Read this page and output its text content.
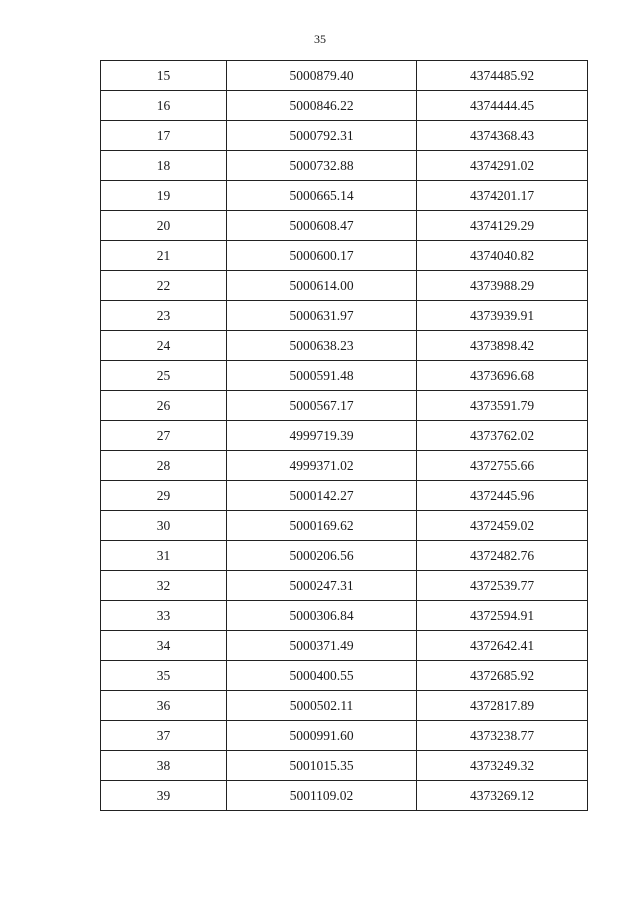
35
15	5000879.40	4374485.92
16	5000846.22	4374444.45
17	5000792.31	4374368.43
18	5000732.88	4374291.02
19	5000665.14	4374201.17
20	5000608.47	4374129.29
21	5000600.17	4374040.82
22	5000614.00	4373988.29
23	5000631.97	4373939.91
24	5000638.23	4373898.42
25	5000591.48	4373696.68
26	5000567.17	4373591.79
27	4999719.39	4373762.02
28	4999371.02	4372755.66
29	5000142.27	4372445.96
30	5000169.62	4372459.02
31	5000206.56	4372482.76
32	5000247.31	4372539.77
33	5000306.84	4372594.91
34	5000371.49	4372642.41
35	5000400.55	4372685.92
36	5000502.11	4372817.89
37	5000991.60	4373238.77
38	5001015.35	4373249.32
39	5001109.02	4373269.12
